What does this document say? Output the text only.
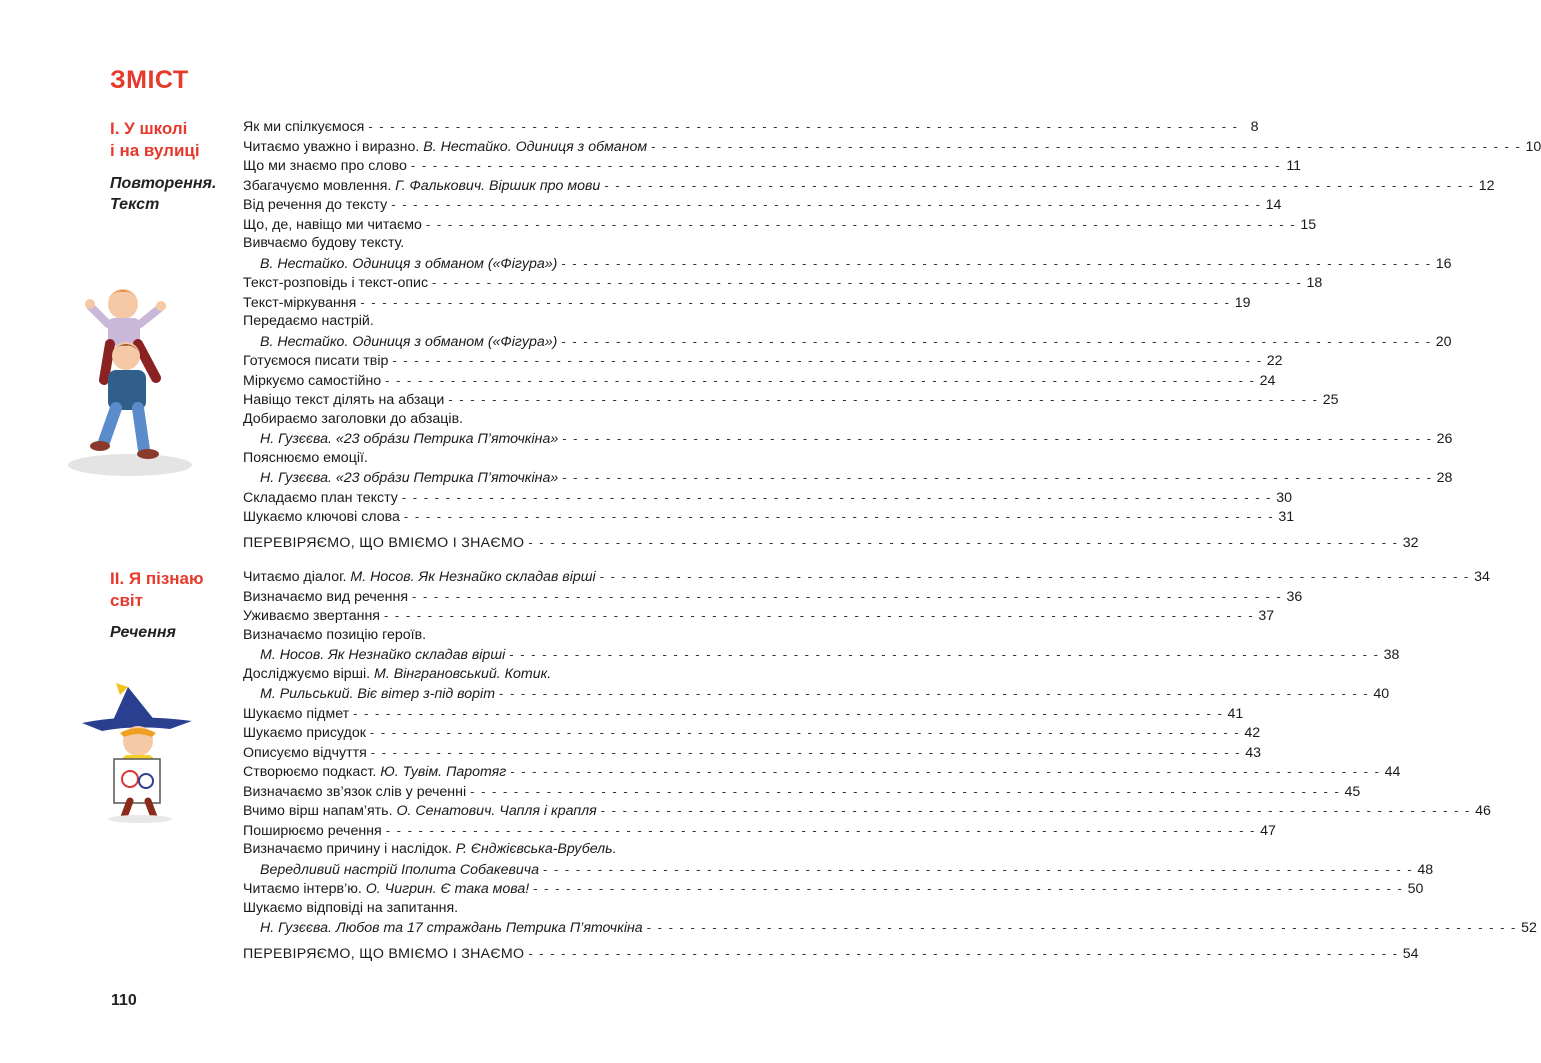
ЗМІСТ
І. У школі
і на вулиці
Повторення.
Текст
Як ми спілкуємося - - - - - - - - - - - - - - - - - - - - - - - - - - - - - - - - - - - - - - - - - - - - - - - - - - - - - - - - - - - - - - - - - - - - - - - - - - - - - - - - 8
Читаємо уважно і виразно. В. Нестайко. Одиниця з обманом - - - - - - - - - - - - - - - - - - - - - - - - - - - - - - - - - - - - - - - - - - - - - - - - - - - - - - - - - - - - - - - - - - - - - - - - - - - - - - - - 10
Що ми знаємо про слово - - - - - - - - - - - - - - - - - - - - - - - - - - - - - - - - - - - - - - - - - - - - - - - - - - - - - - - - - - - - - - - - - - - - - - - - - - - - - - - - 11
Збагачуємо мовлення. Г. Фалькович. Віршик про мови - - - - - - - - - - - - - - - - - - - - - - - - - - - - - - - - - - - - - - - - - - - - - - - - - - - - - - - - - - - - - - - - - - - - - - - - - - - - - - - - 12
Від речення до тексту - - - - - - - - - - - - - - - - - - - - - - - - - - - - - - - - - - - - - - - - - - - - - - - - - - - - - - - - - - - - - - - - - - - - - - - - - - - - - - - - 14
Що, де, навіщо ми читаємо - - - - - - - - - - - - - - - - - - - - - - - - - - - - - - - - - - - - - - - - - - - - - - - - - - - - - - - - - - - - - - - - - - - - - - - - - - - - - - - - 15
Вивчаємо будову тексту.
В. Нестайко. Одиниця з обманом («Фігура») - - - - - - - - - - - - - - - - - - - - - - - - - - - - - - - - - - - - - - - - - - - - - - - - - - - - - - - - - - - - - - - - - - - - - - - - - - - - - - - - 16
Текст-розповідь і текст-опис - - - - - - - - - - - - - - - - - - - - - - - - - - - - - - - - - - - - - - - - - - - - - - - - - - - - - - - - - - - - - - - - - - - - - - - - - - - - - - - - 18
Текст-міркування - - - - - - - - - - - - - - - - - - - - - - - - - - - - - - - - - - - - - - - - - - - - - - - - - - - - - - - - - - - - - - - - - - - - - - - - - - - - - - - - 19
Передаємо настрій.
В. Нестайко. Одиниця з обманом («Фігура») - - - - - - - - - - - - - - - - - - - - - - - - - - - - - - - - - - - - - - - - - - - - - - - - - - - - - - - - - - - - - - - - - - - - - - - - - - - - - - - - 20
Готуємося писати твір - - - - - - - - - - - - - - - - - - - - - - - - - - - - - - - - - - - - - - - - - - - - - - - - - - - - - - - - - - - - - - - - - - - - - - - - - - - - - - - - 22
Міркуємо самостійно - - - - - - - - - - - - - - - - - - - - - - - - - - - - - - - - - - - - - - - - - - - - - - - - - - - - - - - - - - - - - - - - - - - - - - - - - - - - - - - - 24
Навіщо текст ділять на абзаци - - - - - - - - - - - - - - - - - - - - - - - - - - - - - - - - - - - - - - - - - - - - - - - - - - - - - - - - - - - - - - - - - - - - - - - - - - - - - - - - 25
Добираємо заголовки до абзаців.
Н. Гузєєва. «23 обрáзи Петрика П’яточкіна» - - - - - - - - - - - - - - - - - - - - - - - - - - - - - - - - - - - - - - - - - - - - - - - - - - - - - - - - - - - - - - - - - - - - - - - - - - - - - - - - 26
Пояснюємо емоції.
Н. Гузєєва. «23 обрáзи Петрика П’яточкіна» - - - - - - - - - - - - - - - - - - - - - - - - - - - - - - - - - - - - - - - - - - - - - - - - - - - - - - - - - - - - - - - - - - - - - - - - - - - - - - - - 28
Складаємо план тексту - - - - - - - - - - - - - - - - - - - - - - - - - - - - - - - - - - - - - - - - - - - - - - - - - - - - - - - - - - - - - - - - - - - - - - - - - - - - - - - - 30
Шукаємо ключові слова - - - - - - - - - - - - - - - - - - - - - - - - - - - - - - - - - - - - - - - - - - - - - - - - - - - - - - - - - - - - - - - - - - - - - - - - - - - - - - - - 31
ПЕРЕВІРЯЄМО, ЩО ВМІЄМО І ЗНАЄМО - - - - - - - - - - - - - - - - - - - - - - - - - - - - - - - - - - - - - - - - - - - - - - - - - - - - - - - - - - - - - - - - - - - - - - - - - - - - - - - - 32
ІІ. Я пізнаю
світ
Речення
Читаємо діалог. М. Носов. Як Незнайко складав вірші - - - - - - - - - - - - - - - - - - - - - - - - - - - - - - - - - - - - - - - - - - - - - - - - - - - - - - - - - - - - - - - - - - - - - - - - - - - - - - - - 34
Визначаємо вид речення - - - - - - - - - - - - - - - - - - - - - - - - - - - - - - - - - - - - - - - - - - - - - - - - - - - - - - - - - - - - - - - - - - - - - - - - - - - - - - - - 36
Уживаємо звертання - - - - - - - - - - - - - - - - - - - - - - - - - - - - - - - - - - - - - - - - - - - - - - - - - - - - - - - - - - - - - - - - - - - - - - - - - - - - - - - - 37
Визначаємо позицію героїв.
М. Носов. Як Незнайко складав вірші - - - - - - - - - - - - - - - - - - - - - - - - - - - - - - - - - - - - - - - - - - - - - - - - - - - - - - - - - - - - - - - - - - - - - - - - - - - - - - - - 38
Досліджуємо вірші. М. Вінграновський. Котик.
М. Рильський. Віє вітер з-під воріт - - - - - - - - - - - - - - - - - - - - - - - - - - - - - - - - - - - - - - - - - - - - - - - - - - - - - - - - - - - - - - - - - - - - - - - - - - - - - - - - 40
Шукаємо підмет - - - - - - - - - - - - - - - - - - - - - - - - - - - - - - - - - - - - - - - - - - - - - - - - - - - - - - - - - - - - - - - - - - - - - - - - - - - - - - - - 41
Шукаємо присудок - - - - - - - - - - - - - - - - - - - - - - - - - - - - - - - - - - - - - - - - - - - - - - - - - - - - - - - - - - - - - - - - - - - - - - - - - - - - - - - - 42
Описуємо відчуття - - - - - - - - - - - - - - - - - - - - - - - - - - - - - - - - - - - - - - - - - - - - - - - - - - - - - - - - - - - - - - - - - - - - - - - - - - - - - - - - 43
Створюємо подкаст. Ю. Тувім. Паротяг - - - - - - - - - - - - - - - - - - - - - - - - - - - - - - - - - - - - - - - - - - - - - - - - - - - - - - - - - - - - - - - - - - - - - - - - - - - - - - - - 44
Визначаємо зв’язок слів у реченні - - - - - - - - - - - - - - - - - - - - - - - - - - - - - - - - - - - - - - - - - - - - - - - - - - - - - - - - - - - - - - - - - - - - - - - - - - - - - - - - 45
Вчимо вірш напам’ять. О. Сенатович. Чапля і крапля - - - - - - - - - - - - - - - - - - - - - - - - - - - - - - - - - - - - - - - - - - - - - - - - - - - - - - - - - - - - - - - - - - - - - - - - - - - - - - - - 46
Поширюємо речення - - - - - - - - - - - - - - - - - - - - - - - - - - - - - - - - - - - - - - - - - - - - - - - - - - - - - - - - - - - - - - - - - - - - - - - - - - - - - - - - 47
Визначаємо причину і наслідок. Р. Єнджієвська-Врубель.
Вередливий настрій Іполита Собакевича - - - - - - - - - - - - - - - - - - - - - - - - - - - - - - - - - - - - - - - - - - - - - - - - - - - - - - - - - - - - - - - - - - - - - - - - - - - - - - - - 48
Читаємо інтерв’ю. О. Чигрин. Є така мова! - - - - - - - - - - - - - - - - - - - - - - - - - - - - - - - - - - - - - - - - - - - - - - - - - - - - - - - - - - - - - - - - - - - - - - - - - - - - - - - - 50
Шукаємо відповіді на запитання.
Н. Гузєєва. Любов та 17 страждань Петрика П’яточкіна - - - - - - - - - - - - - - - - - - - - - - - - - - - - - - - - - - - - - - - - - - - - - - - - - - - - - - - - - - - - - - - - - - - - - - - - - - - - - - - - 52
ПЕРЕВІРЯЄМО, ЩО ВМІЄМО І ЗНАЄМО - - - - - - - - - - - - - - - - - - - - - - - - - - - - - - - - - - - - - - - - - - - - - - - - - - - - - - - - - - - - - - - - - - - - - - - - - - - - - - - - 54
110
